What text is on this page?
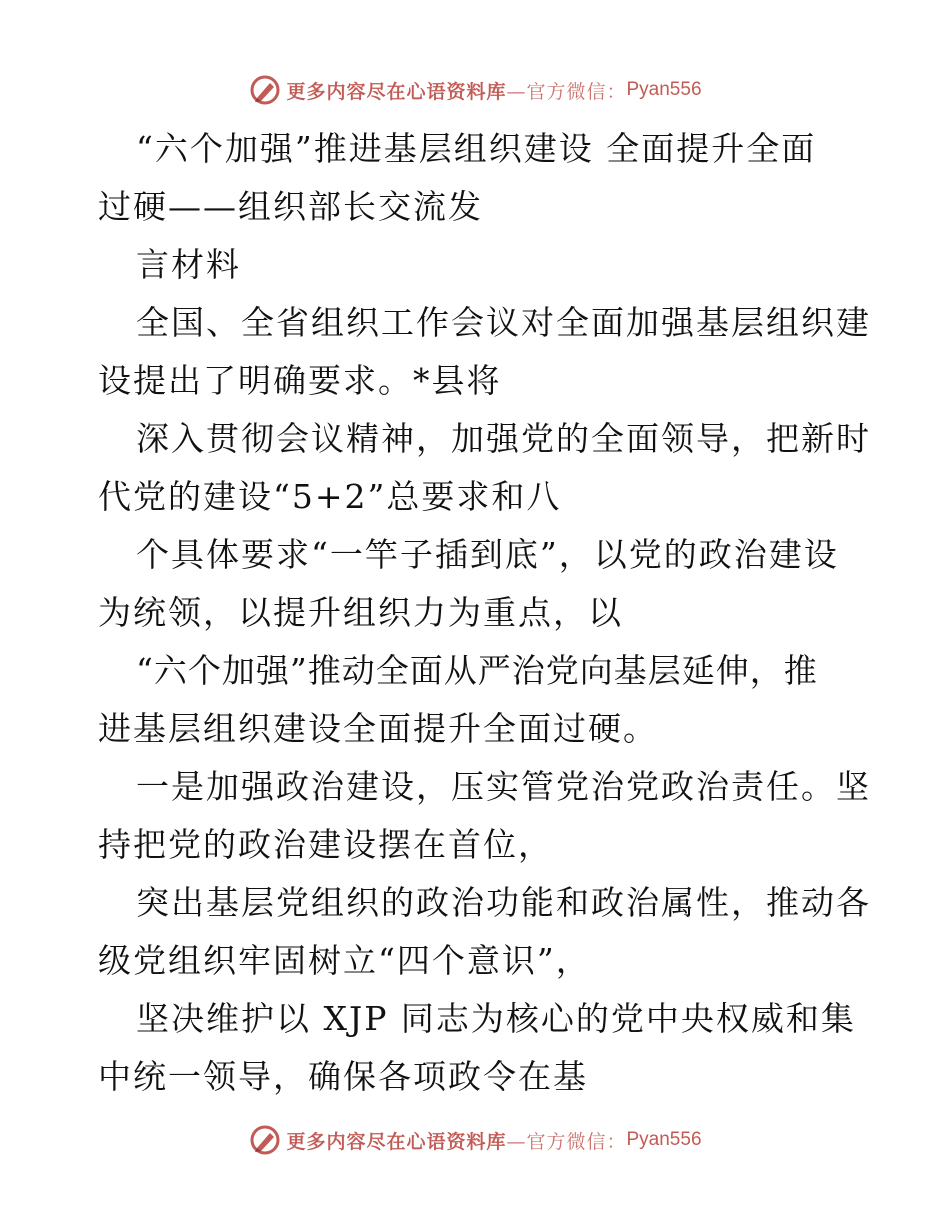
更多内容尽在心语资料库 —官方微信： Pyan556
“六个加强”推进基层组织建设 全面提升全面
过硬——组织部长交流发
言材料
全国、全省组织工作会议对全面加强基层组织建
设提出了明确要求。*县将
深入贯彻会议精神，加强党的全面领导，把新时
代党的建设“5+2”总要求和八
个具体要求“一竿子插到底”，以党的政治建设
为统领，以提升组织力为重点，以
“六个加强”推动全面从严治党向基层延伸，推
进基层组织建设全面提升全面过硬。
一是加强政治建设，压实管党治党政治责任。坚
持把党的政治建设摆在首位，
突出基层党组织的政治功能和政治属性，推动各
级党组织牢固树立“四个意识”，
坚决维护以 XJP 同志为核心的党中央权威和集
中统一领导，确保各项政令在基
更多内容尽在心语资料库 —官方微信： Pyan556
